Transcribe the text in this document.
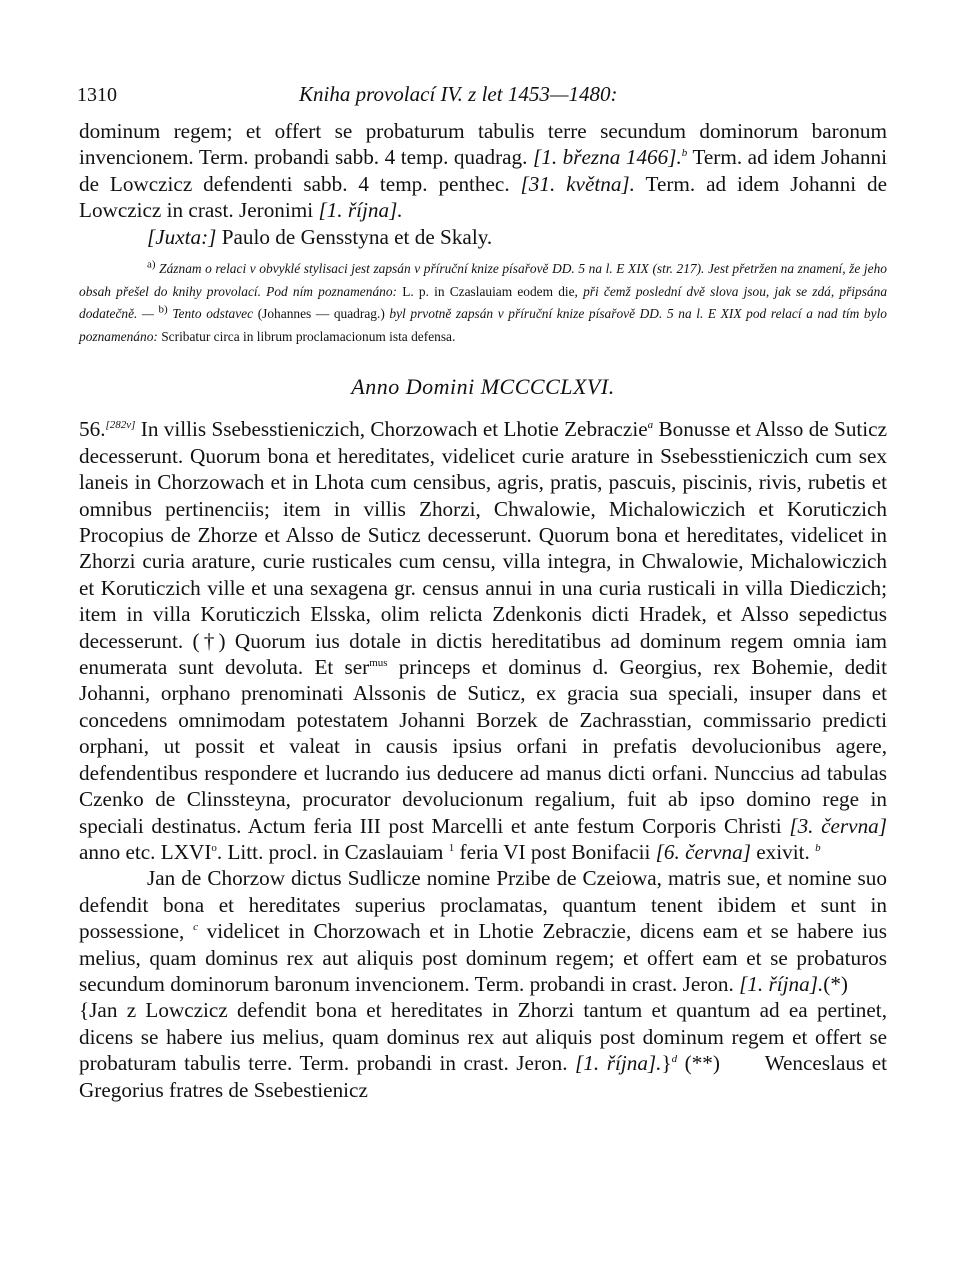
1310	Kniha provolací IV. z let 1453—1480:

dominum regem; et offert se probaturum tabulis terre secundum dominorum baronum invencionem. Term. probandi sabb. 4 temp. quadrag. [1. března 1466].$^b$ Term. ad idem Johanni de Lowczicz defendenti sabb. 4 temp. penthec. [31. května]. Term. ad idem Johanni de Lowczicz in crast. Jeronimi [1. října].

[Juxta:] Paulo de Gensstyna et de Skaly.

$^{a)}$ Záznam o relaci v obvyklé stylisaci jest zapsán v příruční knize písařově DD. 5 na l. E XIX (str. 217). Jest přetržen na znamení, že jeho obsah přešel do knihy provolací. Pod ním poznamenáno: L. p. in Czaslauiam eodem die, při čemž poslední dvě slova jsou, jak se zdá, připsána dodatečně. — $^{b)}$ Tento odstavec (Johannes — quadrag.) byl prvotně zapsán v příruční knize písařově DD. 5 na l. E XIX pod relací a nad tím bylo poznamenáno: Scribatur circa in librum proclamacionum ista defensa.
Anno Domini MCCCCLXVI.

56.[282v] In villis Ssebesstieniczich, Chorzowach et Lhotie Zebraczie$^a$ Bonusse et Alsso de Suticz decesserunt. Quorum bona et hereditates, videlicet curie arature in Ssebesstieniczich cum sex laneis in Chorzowach et in Lhota cum censibus, agris, pratis, pascuis, piscinis, rivis, rubetis et omnibus pertinenciis; item in villis Zhorzi, Chwalowie, Michalowiczich et Koruticzich Procopius de Zhorze et Alsso de Suticz decesserunt. Quorum bona et hereditates, videlicet in Zhorzi curia arature, curie rusticales cum censu, villa integra, in Chwalowie, Michalowiczich et Koruticzich ville et una sexagena gr. census annui in una curia rusticali in villa Diediczich; item in villa Koruticzich Elsska, olim relicta Zdenkonis dicti Hradek, et Alsso sepedictus decesserunt. (†) Quorum ius dotale in dictis hereditatibus ad dominum regem omnia iam enumerata sunt devoluta. Et ser$^{mus}$ princeps et dominus d. Georgius, rex Bohemie, dedit Johanni, orphano prenominati Alssonis de Suticz, ex gracia sua speciali, insuper dans et concedens omnimodam potestatem Johanni Borzek de Zachrasstian, commissario predicti orphani, ut possit et valeat in causis ipsius orfani in prefatis devolucionibus agere, defendentibus respondere et lucrando ius deducere ad manus dicti orfani. Nunccius ad tabulas Czenko de Clinssteyna, procurator devolucionum regalium, fuit ab ipso domino rege in speciali destinatus. Actum feria III post Marcelli et ante festum Corporis Christi [3. června] anno etc. LXVI$^o$. Litt. procl. in Czaslauiam $^1$ feria VI post Bonifacii [6. června] exivit. $^b$

Jan de Chorzow dictus Sudlicze nomine Przibe de Czeiowa, matris sue, et nomine suo defendit bona et hereditates superius proclamatas, quantum tenent ibidem et sunt in possessione, $^c$ videlicet in Chorzowach et in Lhotie Zebraczie, dicens eam et se habere ius melius, quam dominus rex aut aliquis post dominum regem; et offert eam et se probaturos secundum dominorum baronum invencionem. Term. probandi in crast. Jeron. [1. října].(*)

{Jan z Lowczicz defendit bona et hereditates in Zhorzi tantum et quantum ad ea pertinet, dicens se habere ius melius, quam dominus rex aut aliquis post dominum regem et offert se probaturam tabulis terre. Term. probandi in crast. Jeron. [1. října].}$^d$ (**) Wenceslaus et Gregorius fratres de Ssebestienicz
